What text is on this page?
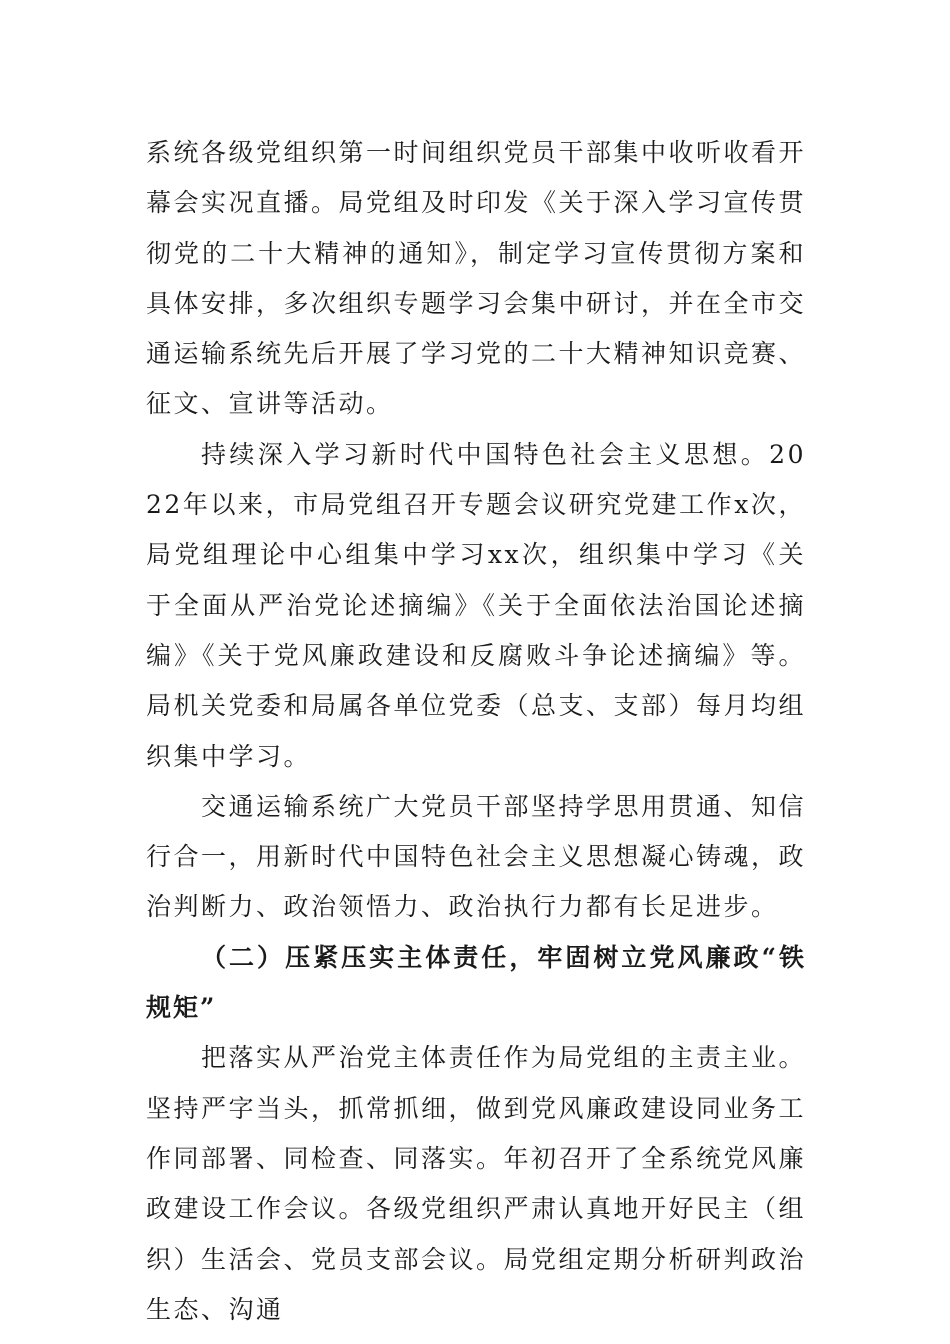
系统各级党组织第一时间组织党员干部集中收听收看开幕会实况直播。局党组及时印发《关于深入学习宣传贯彻党的二十大精神的通知》，制定学习宣传贯彻方案和具体安排，多次组织专题学习会集中研讨，并在全市交通运输系统先后开展了学习党的二十大精神知识竞赛、征文、宣讲等活动。

持续深入学习新时代中国特色社会主义思想。2022年以来，市局党组召开专题会议研究党建工作x次，局党组理论中心组集中学习xx次，组织集中学习《关于全面从严治党论述摘编》《关于全面依法治国论述摘编》《关于党风廉政建设和反腐败斗争论述摘编》等。局机关党委和局属各单位党委（总支、支部）每月均组织集中学习。

交通运输系统广大党员干部坚持学思用贯通、知信行合一，用新时代中国特色社会主义思想凝心铸魂，政治判断力、政治领悟力、政治执行力都有长足进步。

（二）压紧压实主体责任，牢固树立党风廉政“铁规矩”

把落实从严治党主体责任作为局党组的主责主业。坚持严字当头，抓常抓细，做到党风廉政建设同业务工作同部署、同检查、同落实。年初召开了全系统党风廉政建设工作会议。各级党组织严肃认真地开好民主（组织）生活会、党员支部会议。局党组定期分析研判政治生态、沟通
